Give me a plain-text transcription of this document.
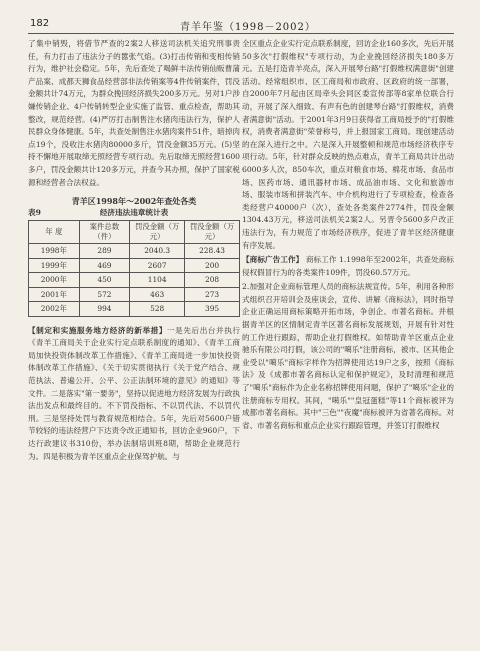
182	青羊年鉴（1998－2002）

了集中销毁，将借节严查的2案2人移送司法机关追究刑事责任，有力打击了违法分子的嚣张气焰。(3)打击传销和变相传销行为，维护社会稳定。5年，先后查处了喝鲜丰法传销仙贩曹蒲产品案、成都天狮食品经营部非法传销案等4件传销案件，罚没金额共计74万元，为群众挽回经济损失200多万元。另对1户涉嫌传销企业、4户传销转型企业实施了监管、重点检查，帮助其整改，规范经营。(4)严厉打击制售注水猪肉违法行为，保护人民群众身体健康。5年，共查处制售注水猪肉案件51件，暗掉肉点19个，没收注水猪肉80000多斤，罚没金额35万元。(5)坚持不懈地开展取缔无照经营专项行动。先后取缔无照经营1600多户，罚没金额共计120多万元，并查今其办照，保护了国家税源和经营者合法权益。

青羊区1998年～2002年查处各类
表9	经济违法违章统计表
年 度	案件总数（件）	罚没金额（万元）	罚没金额（万元）
1998年	289	2040.3	228.43
1999年	469	2607	200
2000年	450	1104	208
2001年	572	463	273
2002年	994	528	395

【制定和实施服务地方经济的新举措】一是先后出台并执行《青羊工商局关于企业实行定点联系制度的通知》、《青羊工商局加快投资体制改革工作措施》、《青羊工商局进一步加快投资体制改革工作措施》、《关于切实贯彻执行《关于党产结合、规范执法、普遍公开、公平、公正法制环境的意见》的通知》等文件。二是落实"第一要务"，坚持以促进地方经济发展为行政执法出发点和最终目的。不下罚没指标、不以罚代法、不以罚代刑。三是坚持处罚与教育规范相结合。5年，先后对5600户错节较轻的违法经营户下达责令改正通知书，回访企业960户，下达行政建议书310份，举办法制培训班8期，帮助企业规范行为。四是积极为青羊区重点企业保驾护航。与

全区重点企业实行定点联系制度，回访企业160多次，先后开展50多次"打假维权"专项行动，为企业挽回经济损失180多万元。五是打造青羊亮点，深入开展琴台路"打假维权满意街"创建活动。经常组织市、区工商局和市政府、区政府的统一部署，自2000年7月起由区局牵头会同区委宣传部等8家单位联合行动，开展了深入细致、有声有色的创建琴台路"打假维权，消费者满意街"活动。于2001年3月9日获得省工商局授予的"打假维权，消费者满意街"荣誉称号，并上报国家工商局。现创建活动的在深入进行之中。六是深入开展整顿和规范市场经济秩序专项行动。5年，针对群众反映的热点难点，青羊工商局共计出动6000多人次，850车次，重点对粮食市场、棉花市场、食品市场、医药市场、通讯器材市场、成品油市场、文化和旅游市场、服装市场和拼装汽车、中介机构进行了专项检查，检查各类经营户40000户（次），查处各类案件2774件，罚没金额1304.43万元，移送司法机关2案2人。另晋令5600多户改正违法行为，有力规范了市场经济秩序，促进了青羊区经济健康有序发展。

【商标广告工作】 商标工作 1.1998年至2002年，共查处商标侵权假冒行为的各类案件109件，罚没60.57万元。

2.加强对企业商标管理人员的商标法规宣传。5年，利用各种形式组织召开培训会及座谈会，宣传、讲解《商标法》，同时指导企业正确运用商标策略开拓市场，争创企、市著名商标。并根据青羊区的区情制定青羊区著名商标发展规划，开展有针对性的工作进行跟踪，帮助企业打假维权。如帮助青羊区重点企业驰乐有限公司打假，该公司的"噶乐"注册商标，被市、区其他企业受以"噶乐"商标字样作为招牌使用达19户之多，按照《商标法》及《成都市著名商标认定和保护规定》，及时清理和规范了"噶乐"商标作为企业名称招牌使用问题，保护了"噶乐"企业的注册商标专用权。其间，"噶乐""皇冠蛋糕"等11个商标被评为成都市著名商标。其中"三色""夜魔"商标被评为省著名商标。对省、市著名商标和重点企业实行跟踪管理，并签订打假维权
